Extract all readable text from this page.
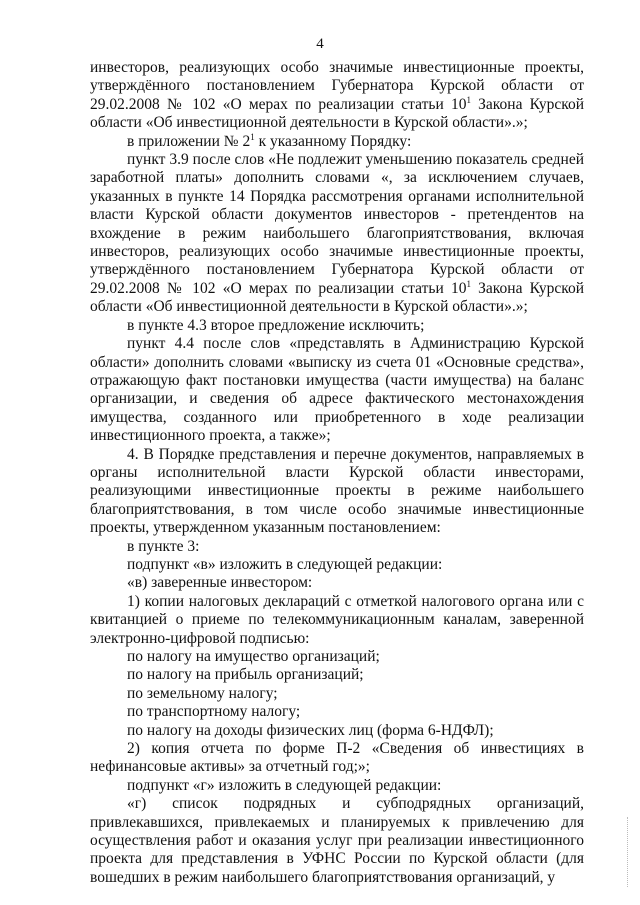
4

инвесторов, реализующих особо значимые инвестиционные проекты, утверждённого постановлением Губернатора Курской области от 29.02.2008 № 102 «О мерах по реализации статьи $10^1$ Закона Курской области «Об инвестиционной деятельности в Курской области».»;

в приложении № $2^1$ к указанному Порядку:

пункт 3.9 после слов «Не подлежит уменьшению показатель средней заработной платы» дополнить словами «, за исключением случаев, указанных в пункте 14 Порядка рассмотрения органами исполнительной власти Курской области документов инвесторов - претендентов на вхождение в режим наибольшего благоприятствования, включая инвесторов, реализующих особо значимые инвестиционные проекты, утверждённого постановлением Губернатора Курской области от 29.02.2008 № 102 «О мерах по реализации статьи $10^1$ Закона Курской области «Об инвестиционной деятельности в Курской области».»;

в пункте 4.3 второе предложение исключить;

пункт 4.4 после слов «представлять в Администрацию Курской области» дополнить словами «выписку из счета 01 «Основные средства», отражающую факт постановки имущества (части имущества) на баланс организации, и сведения об адресе фактического местонахождения имущества, созданного или приобретенного в ходе реализации инвестиционного проекта, а также»;

4. В Порядке представления и перечне документов, направляемых в органы исполнительной власти Курской области инвесторами, реализующими инвестиционные проекты в режиме наибольшего благоприятствования, в том числе особо значимые инвестиционные проекты, утвержденном указанным постановлением:

в пункте 3:

подпункт «в» изложить в следующей редакции:

«в) заверенные инвестором:

1) копии налоговых деклараций с отметкой налогового органа или с квитанцией о приеме по телекоммуникационным каналам, заверенной электронно-цифровой подписью:

по налогу на имущество организаций;

по налогу на прибыль организаций;

по земельному налогу;

по транспортному налогу;

по налогу на доходы физических лиц (форма 6-НДФЛ);

2) копия отчета по форме П-2 «Сведения об инвестициях в нефинансовые активы» за отчетный год;»;

подпункт «г» изложить в следующей редакции:

«г) список подрядных и субподрядных организаций, привлекавшихся, привлекаемых и планируемых к привлечению для осуществления работ и оказания услуг при реализации инвестиционного проекта для представления в УФНС России по Курской области (для вошедших в режим наибольшего благоприятствования организаций, у
